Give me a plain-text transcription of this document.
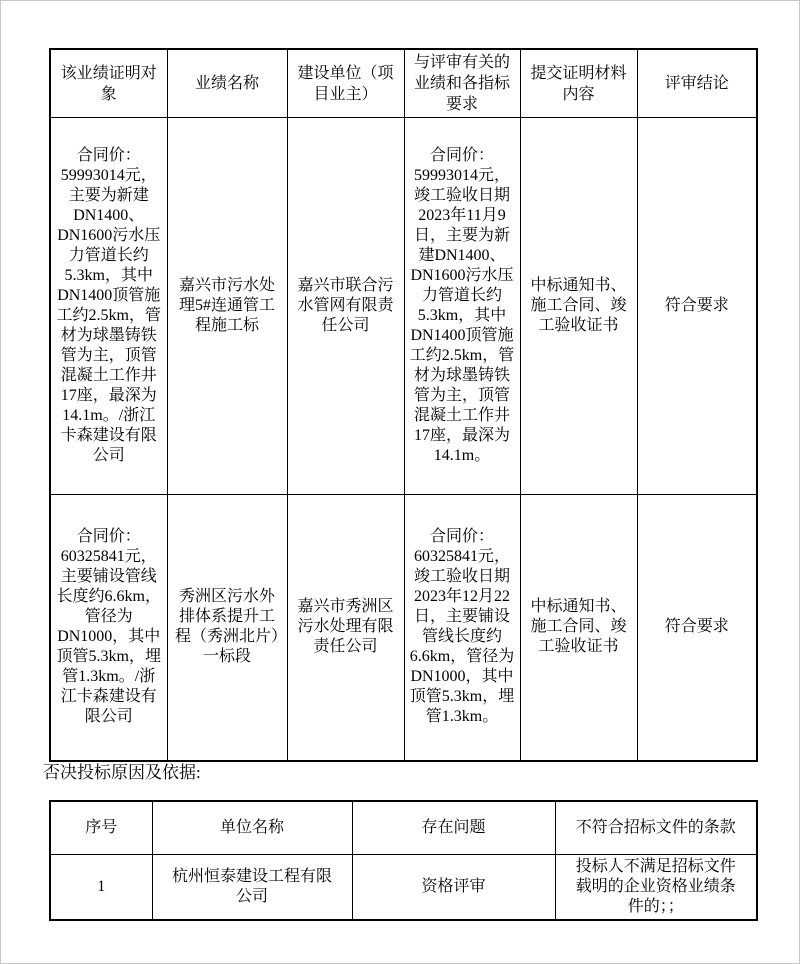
该业绩证明对象	业绩名称	建设单位（项目业主）	与评审有关的业绩和各指标要求	提交证明材料内容	评审结论
合同价：59993014元，主要为新建DN1400、DN1600污水压力管道长约5.3km，其中DN1400顶管施工约2.5km，管材为球墨铸铁管为主，顶管混凝土工作井17座，最深为14.1m。/浙江卡森建设有限公司	嘉兴市污水处理5#连通管工程施工标	嘉兴市联合污水管网有限责任公司	合同价：59993014元，竣工验收日期2023年11月9日，主要为新建DN1400、DN1600污水压力管道长约5.3km，其中DN1400顶管施工约2.5km，管材为球墨铸铁管为主，顶管混凝土工作井17座，最深为14.1m。	中标通知书、施工合同、竣工验收证书	符合要求
合同价：60325841元，主要铺设管线长度约6.6km，管径为DN1000，其中顶管5.3km，埋管1.3km。/浙江卡森建设有限公司	秀洲区污水外排体系提升工程（秀洲北片）一标段	嘉兴市秀洲区污水处理有限责任公司	合同价：60325841元，竣工验收日期2023年12月22日，主要铺设管线长度约6.6km，管径为DN1000，其中顶管5.3km，埋管1.3km。	中标通知书、施工合同、竣工验收证书	符合要求
否决投标原因及依据:
序号	单位名称	存在问题	不符合招标文件的条款
1	杭州恒泰建设工程有限公司	资格评审	投标人不满足招标文件载明的企业资格业绩条件的；；
